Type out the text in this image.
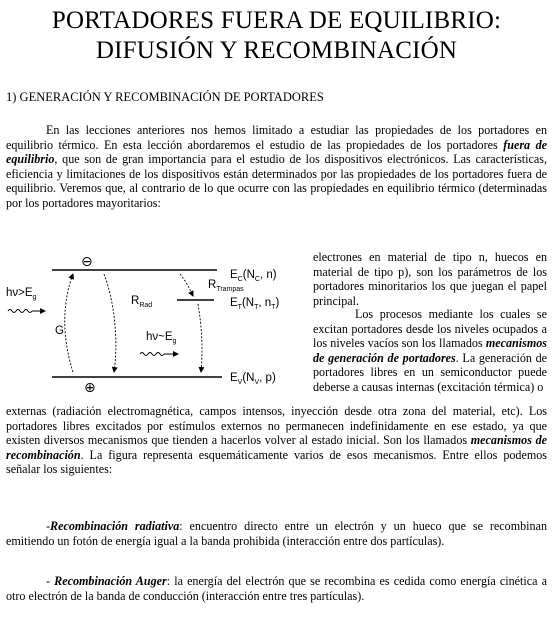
PORTADORES FUERA DE EQUILIBRIO:
DIFUSIÓN Y RECOMBINACIÓN
1) GENERACIÓN Y RECOMBINACIÓN DE PORTADORES

En las lecciones anteriores nos hemos limitado a estudiar las propiedades de los portadores en equilibrio térmico. En esta lección abordaremos el estudio de las propiedades de los portadores fuera de equilibrio, que son de gran importancia para el estudio de los dispositivos electrónicos. Las características, eficiencia y limitaciones de los dispositivos están determinados por las propiedades de los portadores fuera de equilibrio. Veremos que, al contrario de lo que ocurre con las propiedades en equilibrio térmico (determinadas por los portadores mayoritarios:

⊖
⊕
$h\nu>E_g$
G
$R_{Rad}$
$R_{Trampas}$
$h\nu\sim E_g$
$E_C(N_C$, n)
$E_T(N_T$, $n_T$)
$E_V(N_V$, p)

electrones en material de tipo n, huecos en material de tipo p), son los parámetros de los portadores minoritarios los que juegan el papel principal.

Los procesos mediante los cuales se excitan portadores desde los niveles ocupados a los niveles vacíos son los llamados mecanismos de generación de portadores. La generación de portadores libres en un semiconductor puede deberse a causas internas (excitación térmica) o

externas (radiación electromagnética, campos intensos, inyección desde otra zona del material, etc). Los portadores libres excitados por estímulos externos no permanecen indefinidamente en ese estado, ya que existen diversos mecanismos que tienden a hacerlos volver al estado inicial. Son los llamados mecanismos de recombinación. La figura representa esquemáticamente varios de esos mecanismos. Entre ellos podemos señalar los siguientes:

-Recombinación radiativa: encuentro directo entre un electrón y un hueco que se recombinan emitiendo un fotón de energía igual a la banda prohibida (interacción entre dos partículas).

- Recombinación Auger: la energía del electrón que se recombina es cedida como energía cinética a otro electrón de la banda de conducción (interacción entre tres partículas).
